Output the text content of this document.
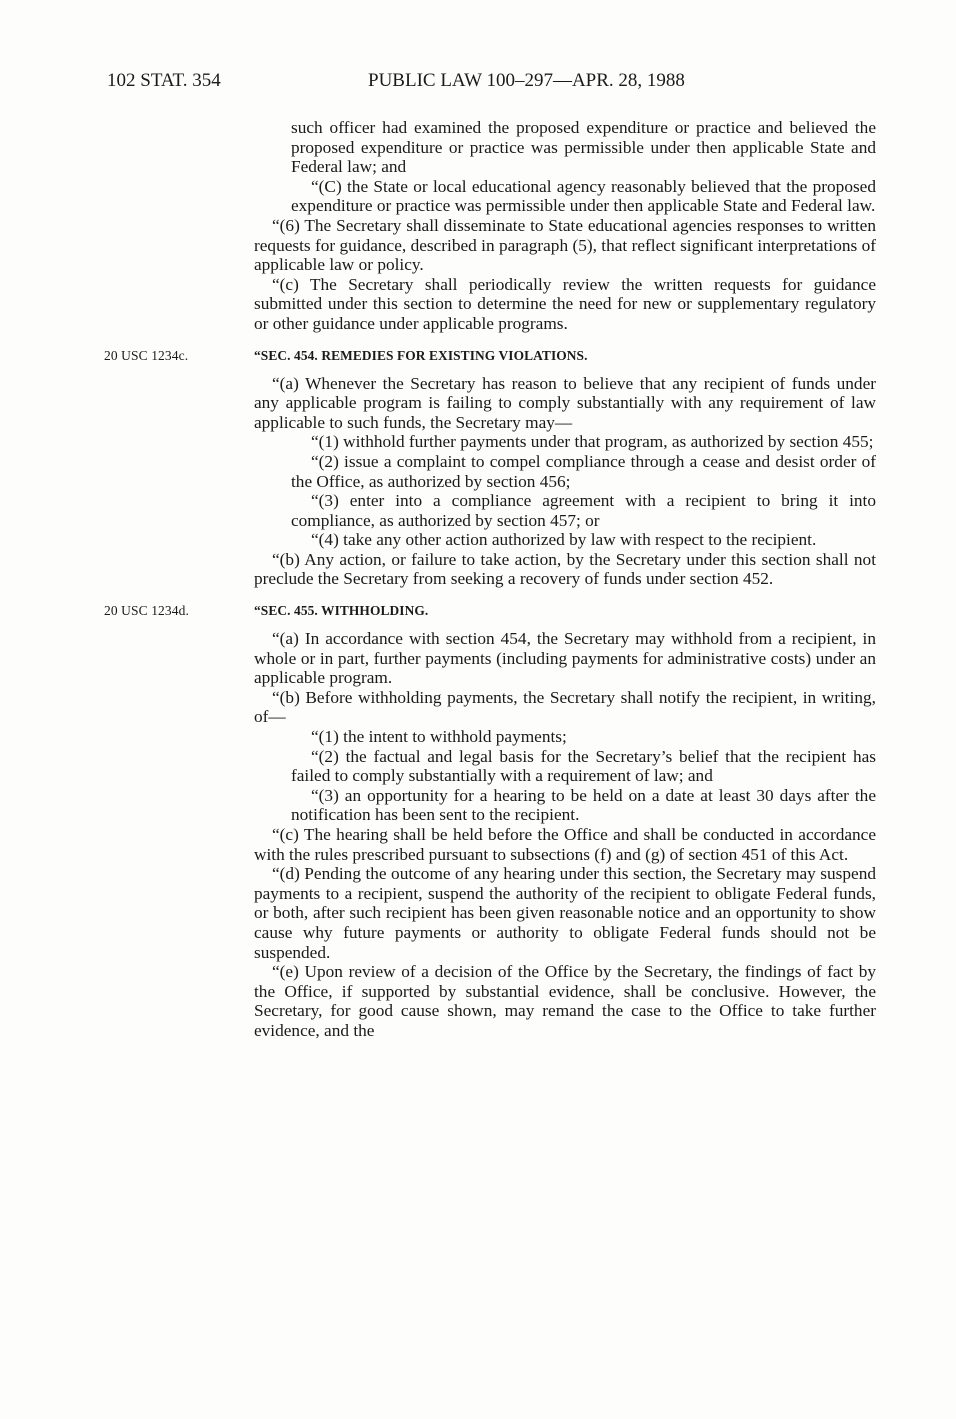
102 STAT. 354	PUBLIC LAW 100–297—APR. 28, 1988

such officer had examined the proposed expenditure or practice and believed the proposed expenditure or practice was permissible under then applicable State and Federal law; and

“(C) the State or local educational agency reasonably believed that the proposed expenditure or practice was permissible under then applicable State and Federal law.

“(6) The Secretary shall disseminate to State educational agencies responses to written requests for guidance, described in paragraph (5), that reflect significant interpretations of applicable law or policy.

“(c) The Secretary shall periodically review the written requests for guidance submitted under this section to determine the need for new or supplementary regulatory or other guidance under applicable programs.

20 USC 1234c.	“SEC. 454. REMEDIES FOR EXISTING VIOLATIONS.

“(a) Whenever the Secretary has reason to believe that any recipient of funds under any applicable program is failing to comply substantially with any requirement of law applicable to such funds, the Secretary may—

“(1) withhold further payments under that program, as authorized by section 455;

“(2) issue a complaint to compel compliance through a cease and desist order of the Office, as authorized by section 456;

“(3) enter into a compliance agreement with a recipient to bring it into compliance, as authorized by section 457; or

“(4) take any other action authorized by law with respect to the recipient.

“(b) Any action, or failure to take action, by the Secretary under this section shall not preclude the Secretary from seeking a recovery of funds under section 452.

20 USC 1234d.	“SEC. 455. WITHHOLDING.

“(a) In accordance with section 454, the Secretary may withhold from a recipient, in whole or in part, further payments (including payments for administrative costs) under an applicable program.

“(b) Before withholding payments, the Secretary shall notify the recipient, in writing, of—

“(1) the intent to withhold payments;

“(2) the factual and legal basis for the Secretary’s belief that the recipient has failed to comply substantially with a requirement of law; and

“(3) an opportunity for a hearing to be held on a date at least 30 days after the notification has been sent to the recipient.

“(c) The hearing shall be held before the Office and shall be conducted in accordance with the rules prescribed pursuant to subsections (f) and (g) of section 451 of this Act.

“(d) Pending the outcome of any hearing under this section, the Secretary may suspend payments to a recipient, suspend the authority of the recipient to obligate Federal funds, or both, after such recipient has been given reasonable notice and an opportunity to show cause why future payments or authority to obligate Federal funds should not be suspended.

“(e) Upon review of a decision of the Office by the Secretary, the findings of fact by the Office, if supported by substantial evidence, shall be conclusive. However, the Secretary, for good cause shown, may remand the case to the Office to take further evidence, and the
